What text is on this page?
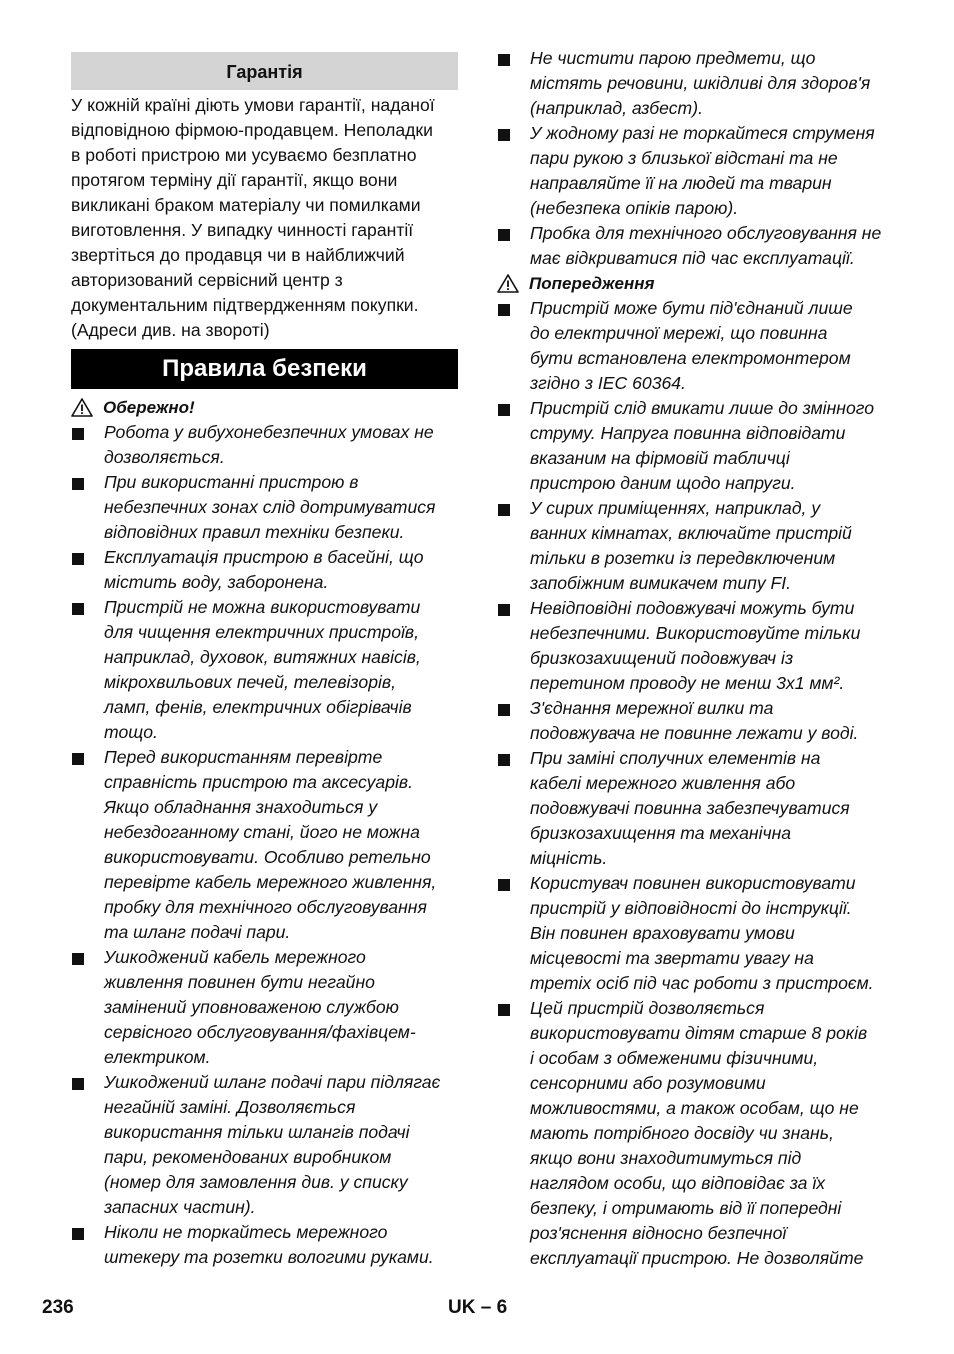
Гарантія
У кожній країні діють умови гарантії, наданої
відповідною фірмою-продавцем. Неполадки
в роботі пристрою ми усуваємо безплатно
протягом терміну дії гарантії, якщо вони
викликані браком матеріалу чи помилками
виготовлення. У випадку чинності гарантії
звертіться до продавця чи в найближчий
авторизований сервісний центр з
документальним підтвердженням покупки.
(Адреси див. на звороті)
Правила безпеки
Обережно!
Робота у вибухонебезпечних умовах не
дозволяється.
При використанні пристрою в
небезпечних зонах слід дотримуватися
відповідних правил техніки безпеки.
Експлуатація пристрою в басейні, що
містить воду, заборонена.
Пристрій не можна використовувати
для чищення електричних пристроїв,
наприклад, духовок, витяжних навісів,
мікрохвильових печей, телевізорів,
ламп, фенів, електричних обігрівачів
тощо.
Перед використанням перевірте
справність пристрою та аксесуарів.
Якщо обладнання знаходиться у
небездоганному стані, його не можна
використовувати. Особливо ретельно
перевірте кабель мережного живлення,
пробку для технічного обслуговування
та шланг подачі пари.
Ушкоджений кабель мережного
живлення повинен бути негайно
замінений уповноваженою службою
сервісного обслуговування/фахівцем-
електриком.
Ушкоджений шланг подачі пари підлягає
негайній заміні. Дозволяється
використання тільки шлангів подачі
пари, рекомендованих виробником
(номер для замовлення див. у списку
запасних частин).
Ніколи не торкайтесь мережного
штекеру та розетки вологими руками.
Не чистити парою предмети, що
містять речовини, шкідливі для здоров'я
(наприклад, азбест).
У жодному разі не торкайтеся струменя
пари рукою з близької відстані та не
направляйте її на людей та тварин
(небезпека опіків парою).
Пробка для технічного обслуговування не
має відкриватися під час експлуатації.
Попередження
Пристрій може бути під'єднаний лише
до електричної мережі, що повинна
бути встановлена електромонтером
згідно з IEC 60364.
Пристрій слід вмикати лише до змінного
струму. Напруга повинна відповідати
вказаним на фірмовій табличці
пристрою даним щодо напруги.
У сирих приміщеннях, наприклад, у
ванних кімнатах, включайте пристрій
тільки в розетки із передвключеним
запобіжним вимикачем типу FI.
Невідповідні подовжувачі можуть бути
небезпечними. Використовуйте тільки
бризкозахищений подовжувач із
перетином проводу не менш 3x1 мм².
З'єднання мережної вилки та
подовжувача не повинне лежати у воді.
При заміні сполучних елементів на
кабелі мережного живлення або
подовжувачі повинна забезпечуватися
бризкозахищення та механічна
міцність.
Користувач повинен використовувати
пристрій у відповідності до інструкції.
Він повинен враховувати умови
місцевості та звертати увагу на
третіх осіб під час роботи з пристроєм.
Цей пристрій дозволяється
використовувати дітям старше 8 років
і особам з обмеженими фізичними,
сенсорними або розумовими
можливостями, а також особам, що не
мають потрібного досвіду чи знань,
якщо вони знаходитимуться під
наглядом особи, що відповідає за їх
безпеку, і отримають від її попередні
роз'яснення відносно безпечної
експлуатації пристрою. Не дозволяйте
236	UK – 6
